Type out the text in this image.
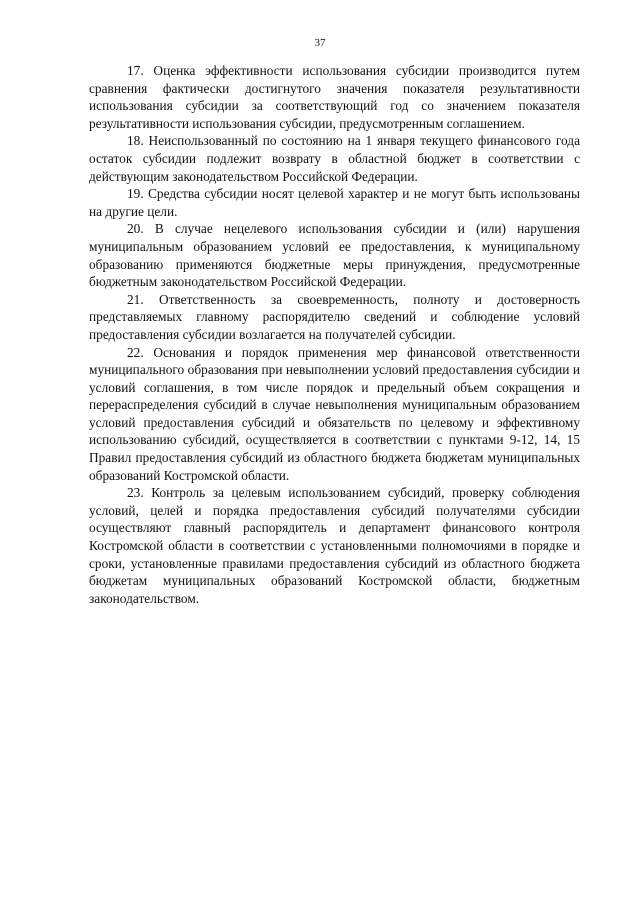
37

17. Оценка эффективности использования субсидии производится путем сравнения фактически достигнутого значения показателя результативности использования субсидии за соответствующий год со значением показателя результативности использования субсидии, предусмотренным соглашением.

18. Неиспользованный по состоянию на 1 января текущего финансового года остаток субсидии подлежит возврату в областной бюджет в соответствии с действующим законодательством Российской Федерации.

19. Средства субсидии носят целевой характер и не могут быть использованы на другие цели.

20. В случае нецелевого использования субсидии и (или) нарушения муниципальным образованием условий ее предоставления, к муниципальному образованию применяются бюджетные меры принуждения, предусмотренные бюджетным законодательством Российской Федерации.

21. Ответственность за своевременность, полноту и достоверность представляемых главному распорядителю сведений и соблюдение условий предоставления субсидии возлагается на получателей субсидии.

22. Основания и порядок применения мер финансовой ответственности муниципального образования при невыполнении условий предоставления субсидии и условий соглашения, в том числе порядок и предельный объем сокращения и перераспределения субсидий в случае невыполнения муниципальным образованием условий предоставления субсидий и обязательств по целевому и эффективному использованию субсидий, осуществляется в соответствии с пунктами 9-12, 14, 15 Правил предоставления субсидий из областного бюджета бюджетам муниципальных образований Костромской области.

23. Контроль за целевым использованием субсидий, проверку соблюдения условий, целей и порядка предоставления субсидий получателями субсидии осуществляют главный распорядитель и департамент финансового контроля Костромской области в соответствии с установленными полномочиями в порядке и сроки, установленные правилами предоставления субсидий из областного бюджета бюджетам муниципальных образований Костромской области, бюджетным законодательством.
